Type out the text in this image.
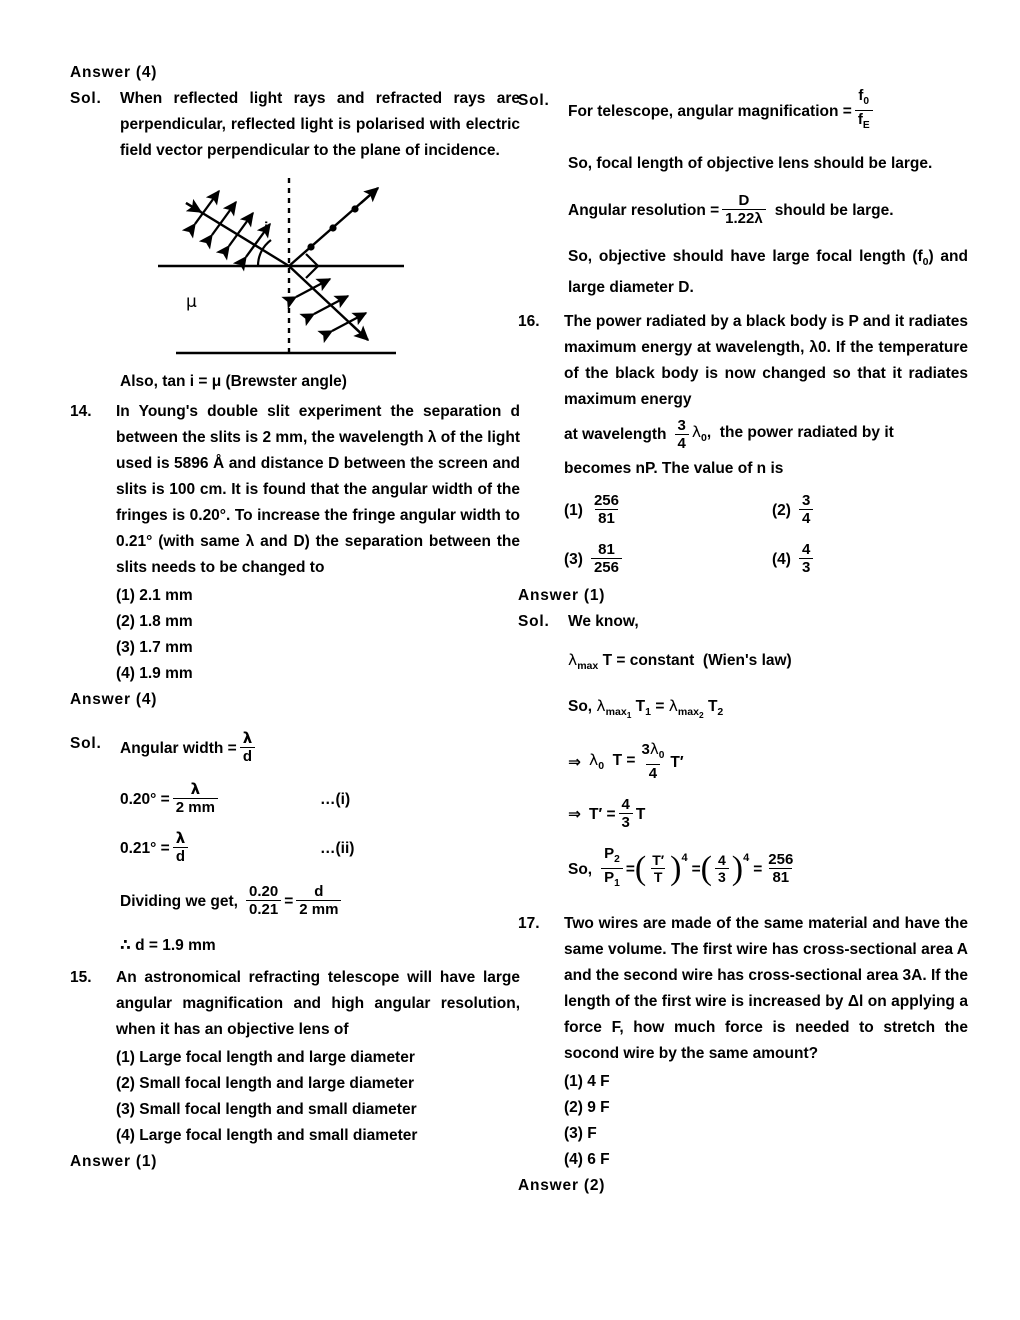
Answer (4)
Sol.	When reflected light rays and refracted rays are perpendicular, reflected light is polarised with electric field vector perpendicular to the plane of incidence.
i
μ
Also, tan i = μ (Brewster angle)
14.	In Young's double slit experiment the separation d between the slits is 2 mm, the wavelength λ of the light used is 5896 Å and distance D between the screen and slits is 100 cm. It is found that the angular width of the fringes is 0.20°. To increase the fringe angular width to 0.21° (with same λ and D) the separation between the slits needs to be changed to
(1) 2.1 mm
(2) 1.8 mm
(3) 1.7 mm
(4) 1.9 mm
Answer (4)
Sol.	Angular width = $\frac{\lambda}{d}$
$0.20^\circ = \frac{\lambda}{2 mm}$	…(i)
$0.21^\circ = \frac{\lambda}{d}$	…(ii)
Dividing we get, $\frac{0.20}{0.21} = \frac{d}{2 mm}$
∴ d = 1.9 mm
15.	An astronomical refracting telescope will have large angular magnification and high angular resolution, when it has an objective lens of
(1) Large focal length and large diameter
(2) Small focal length and large diameter
(3) Small focal length and small diameter
(4) Large focal length and small diameter
Answer (1)
Sol.
For telescope, angular magnification = $\frac{f_0}{f_E}$
So, focal length of objective lens should be large.
Angular resolution = $\frac{D}{1.22\lambda}$ should be large.
So, objective should have large focal length $(f_0)$ and large diameter D.
16.	The power radiated by a black body is P and it radiates maximum energy at wavelength, λ0. If the temperature of the black body is now changed so that it radiates maximum energy
at wavelength $\frac{3}{4} \lambda_0$,  the power radiated by it
becomes nP. The value of n is
$(1) \frac{256}{81}$	$(2) \frac{3}{4}$
$(3) \frac{81}{256}$	$(4) \frac{4}{3}$
Answer (1)
Sol.	We know,
$\lambda_{max}$ T = constant  (Wien's law)
So, $\lambda_{max_1}$ $T_1 = \lambda_{max_2}$ $T_2$
⇒ $\lambda_0$  $T = \frac{3\lambda_0}{4} T'$
⇒ $T' = \frac{4}{3}$ T
So, $\frac{P_2}{P_1}$ = ( $\frac{T'}{T}$ ) 4
= ( $\frac{4}{3}$ ) 4
= $\frac{256}{81}$
17.	Two wires are made of the same material and have the same volume. The first wire has cross-sectional area A and the second wire has cross-sectional area 3A. If the length of the first wire is increased by Δl on applying a force F, how much force is needed to stretch the socond wire by the same amount?
(1) 4 F
(2) 9 F
(3) F
(4) 6 F
Answer (2)
